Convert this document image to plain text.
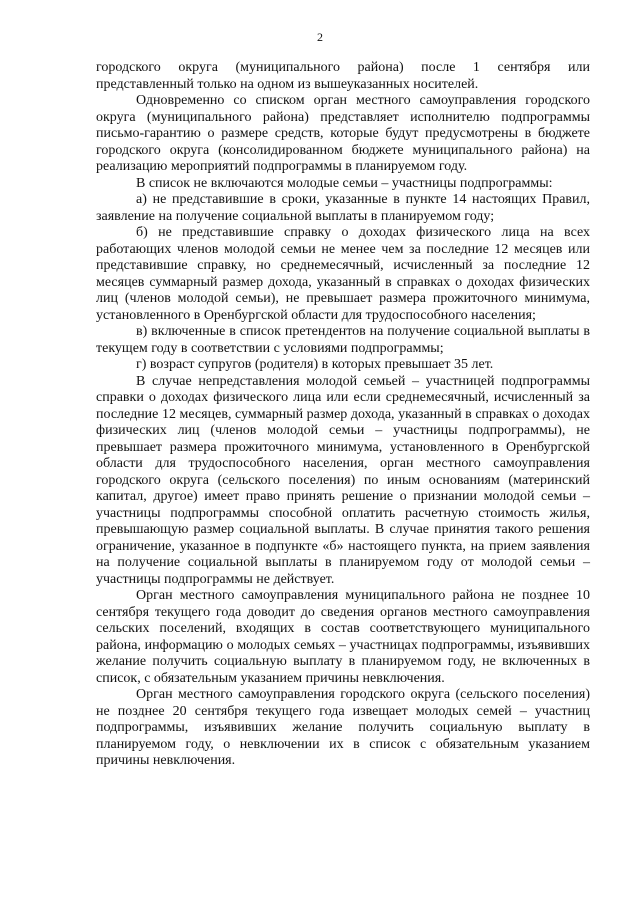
2

городского округа (муниципального района) после 1 сентября или представленный только на одном из вышеуказанных носителей.

Одновременно со списком орган местного самоуправления городского округа (муниципального района) представляет исполнителю подпрограммы письмо-гарантию о размере средств, которые будут предусмотрены в бюджете городского округа (консолидированном бюджете муниципального района) на реализацию мероприятий подпрограммы в планируемом году.

В список не включаются молодые семьи – участницы подпрограммы:

а) не представившие в сроки, указанные в пункте 14 настоящих Правил, заявление на получение социальной выплаты в планируемом году;

б) не представившие справку о доходах физического лица на всех работающих членов молодой семьи не менее чем за последние 12 месяцев или представившие справку, но среднемесячный, исчисленный за последние 12 месяцев суммарный размер дохода, указанный в справках о доходах физических лиц (членов молодой семьи), не превышает размера прожиточного минимума, установленного в Оренбургской области для трудоспособного населения;

в) включенные в список претендентов на получение социальной выплаты в текущем году в соответствии с условиями подпрограммы;

г) возраст супругов (родителя) в которых превышает 35 лет.

В случае непредставления молодой семьей – участницей подпрограммы справки о доходах физического лица или если среднемесячный, исчисленный за последние 12 месяцев, суммарный размер дохода, указанный в справках о доходах физических лиц (членов молодой семьи – участницы подпрограммы), не превышает размера прожиточного минимума, установленного в Оренбургской области для трудоспособного населения, орган местного самоуправления городского округа (сельского поселения) по иным основаниям (материнский капитал, другое) имеет право принять решение о признании молодой семьи – участницы подпрограммы способной оплатить расчетную стоимость жилья, превышающую размер социальной выплаты. В случае принятия такого решения ограничение, указанное в подпункте «б» настоящего пункта, на прием заявления на получение социальной выплаты в планируемом году от молодой семьи – участницы подпрограммы не действует.

Орган местного самоуправления муниципального района не позднее 10 сентября текущего года доводит до сведения органов местного самоуправления сельских поселений, входящих в состав соответствующего муниципального района, информацию о молодых семьях – участницах подпрограммы, изъявивших желание получить социальную выплату в планируемом году, не включенных в список, с обязательным указанием причины невключения.

Орган местного самоуправления городского округа (сельского поселения) не позднее 20 сентября текущего года извещает молодых семей – участниц подпрограммы, изъявивших желание получить социальную выплату в планируемом году, о невключении их в список с обязательным указанием причины невключения.
